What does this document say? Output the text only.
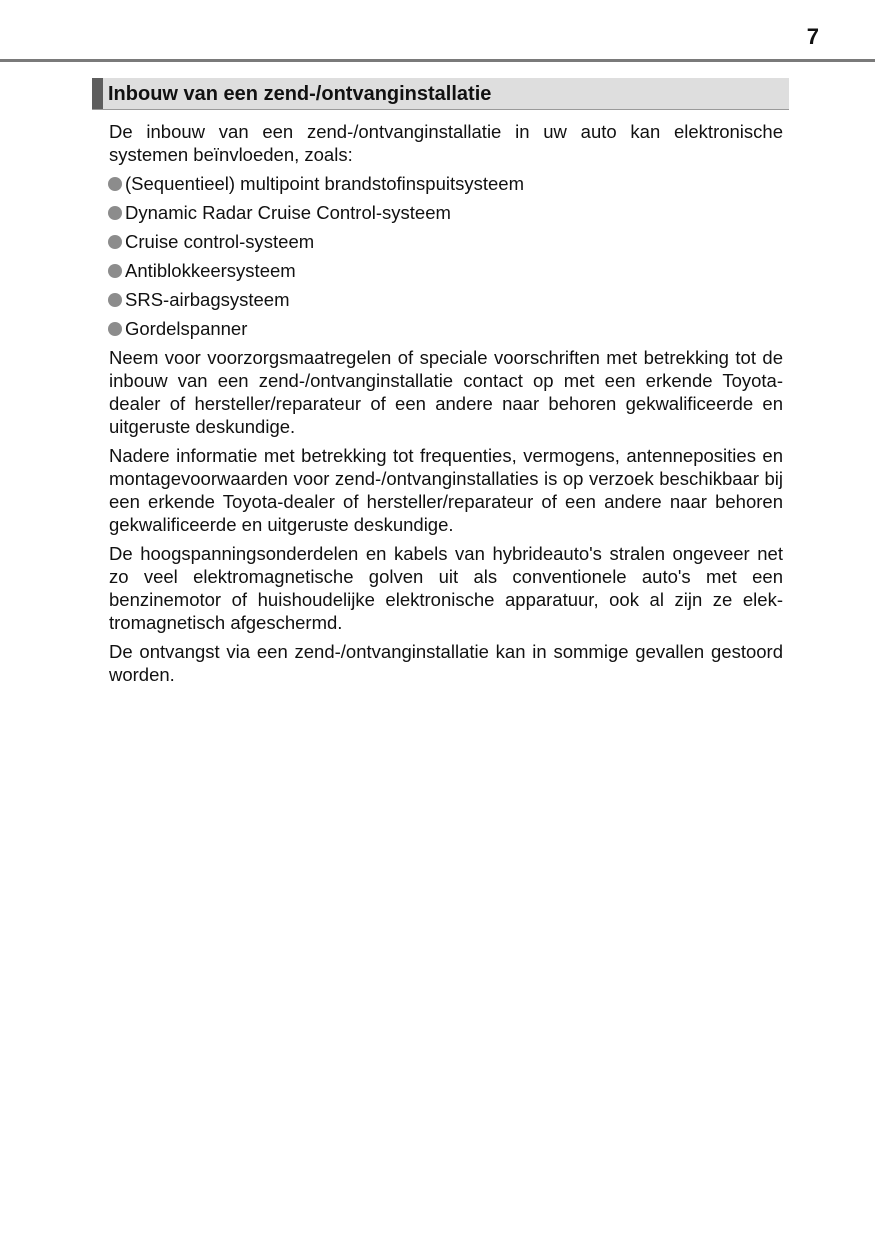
7
Inbouw van een zend-/ontvanginstallatie

De inbouw van een zend-/ontvanginstallatie in uw auto kan elektronische systemen beïnvloeden, zoals:

(Sequentieel) multipoint brandstofinspuitsysteem
Dynamic Radar Cruise Control-systeem
Cruise control-systeem
Antiblokkeersysteem
SRS-airbagsysteem
Gordelspanner

Neem voor voorzorgsmaatregelen of speciale voorschriften met betrekking tot de inbouw van een zend-/ontvanginstallatie contact op met een erkende Toyota-dealer of hersteller/reparateur of een andere naar behoren gekwalificeerde en uitgeruste deskundige.

Nadere informatie met betrekking tot frequenties, vermogens, antenneposities en montagevoorwaarden voor zend-/ontvanginstallaties is op verzoek beschikbaar bij een erkende Toyota-dealer of hersteller/reparateur of een andere naar behoren gekwalificeerde en uitgeruste deskundige.

De hoogspanningsonderdelen en kabels van hybrideauto's stralen ongeveer net zo veel elektromagnetische golven uit als conventionele auto's met een benzinemotor of huishoudelijke elektronische apparatuur, ook al zijn ze elektromagnetisch afgeschermd.

De ontvangst via een zend-/ontvanginstallatie kan in sommige gevallen gestoord worden.
